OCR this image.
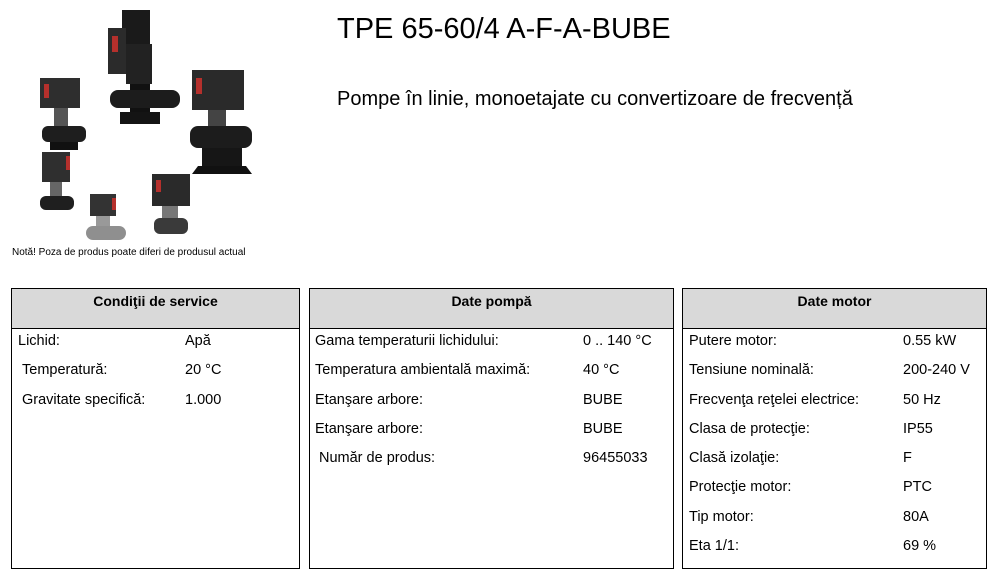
Notă! Poza de produs poate diferi de produsul actual
TPE 65-60/4 A-F-A-BUBE
Pompe în linie, monoetajate cu convertizoare de frecvență
Condiţii de service
Lichid:	Apă
Temperatură:	20 °C
Gravitate specifică:	1.000
Date pompă
Gama temperaturii lichidului:	0 .. 140 °C
Temperatura ambientală maximă:	40 °C
Etanşare arbore:	BUBE
Etanşare arbore:	BUBE
Număr de produs:	96455033
Date motor
Putere motor:	0.55 kW
Tensiune nominală:	200-240 V
Frecvenţa reţelei electrice:	50 Hz
Clasa de protecţie:	IP55
Clasă izolaţie:	F
Protecţie motor:	PTC
Tip motor:	80A
Eta 1/1:	69 %
